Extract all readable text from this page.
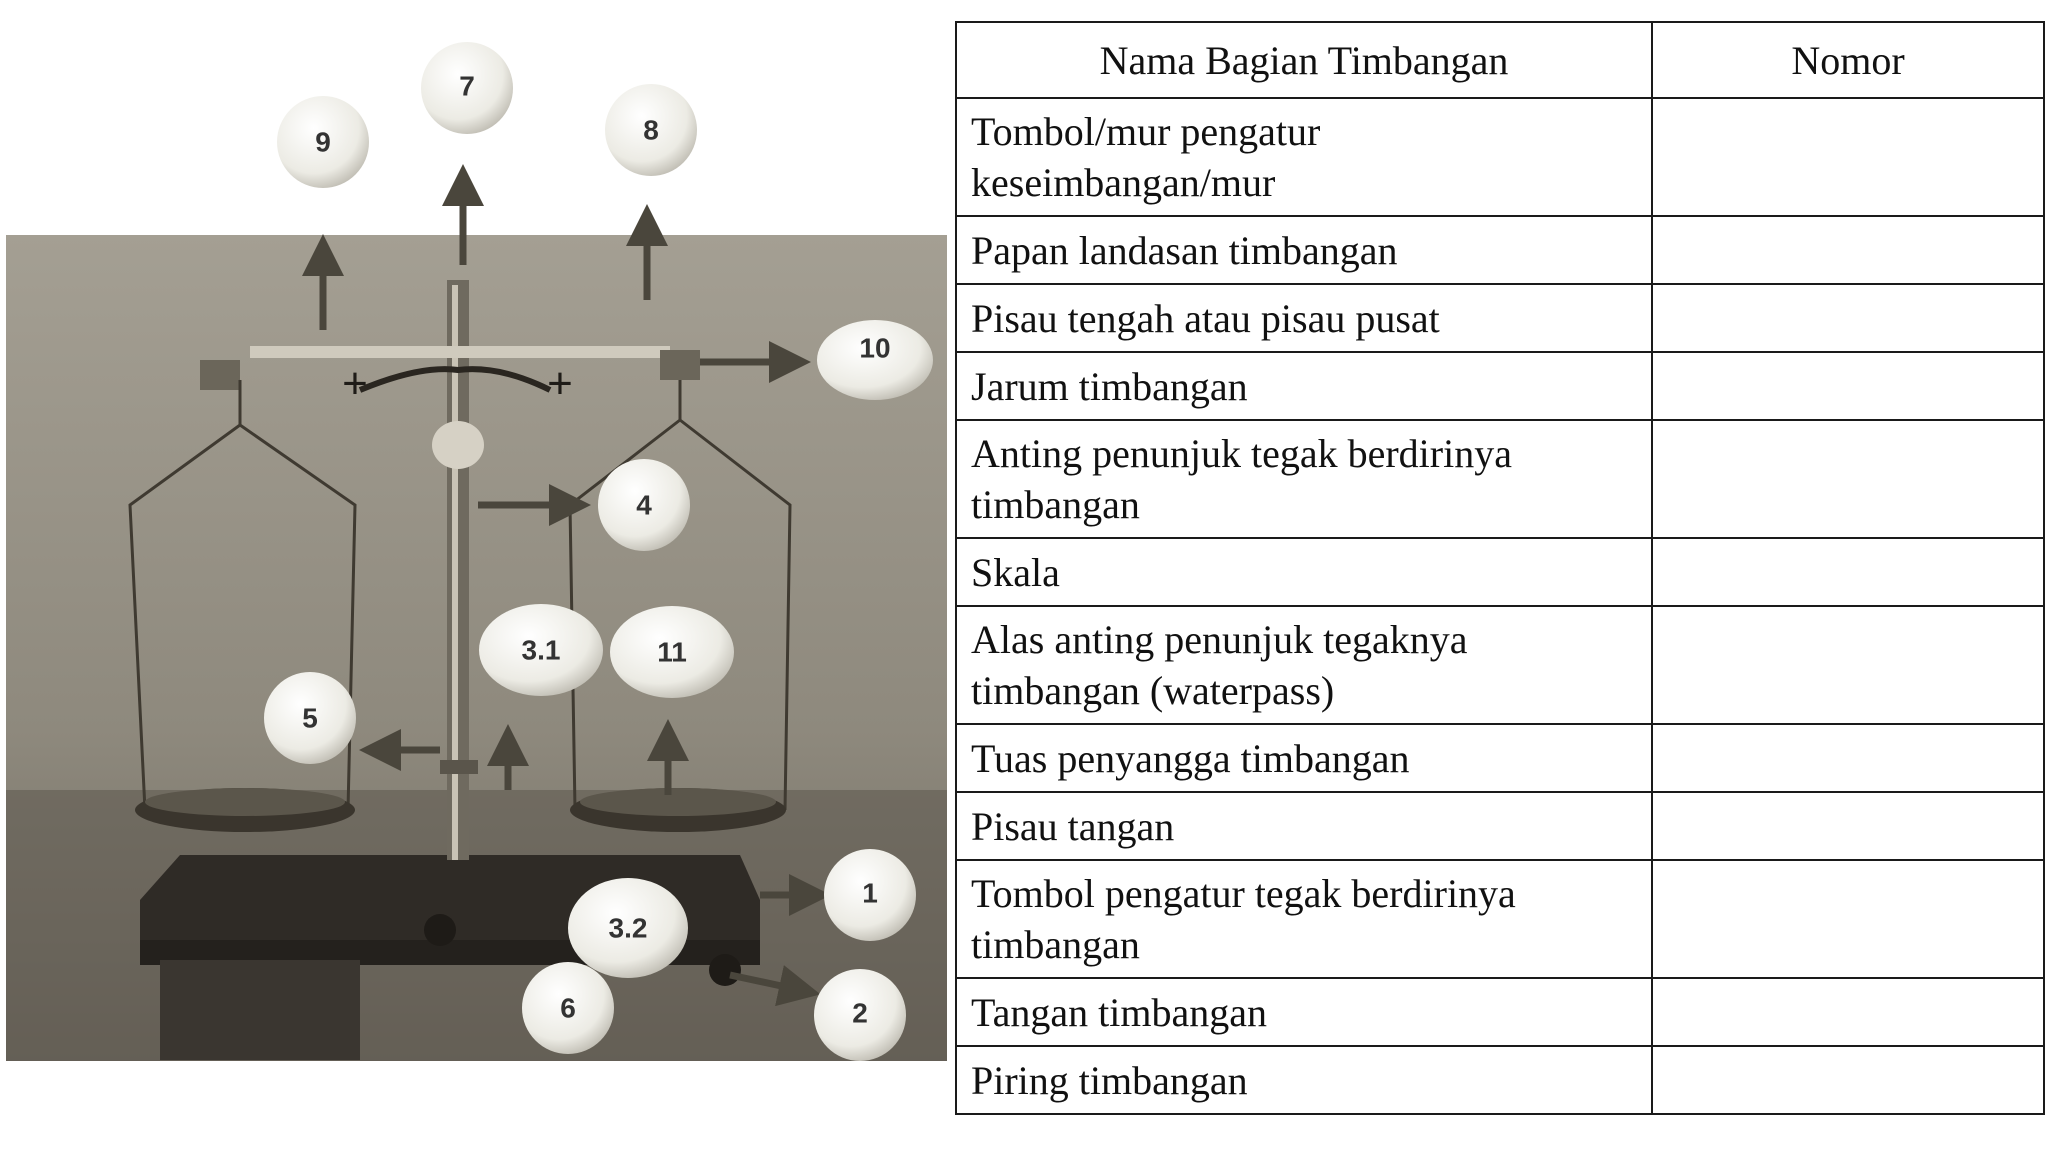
+	+
9
7
8
10
4
3.1	11
5
1
3.2
6	2
Nama Bagian Timbangan	Nomor
Tombol/mur pengatur
keseimbangan/mur	
Papan landasan timbangan	
Pisau tengah atau pisau pusat	
Jarum timbangan	
Anting penunjuk tegak berdirinya
timbangan	
Skala	
Alas anting penunjuk tegaknya
timbangan (waterpass)	
Tuas penyangga timbangan	
Pisau tangan	
Tombol pengatur tegak berdirinya
timbangan	
Tangan timbangan	
Piring timbangan	
